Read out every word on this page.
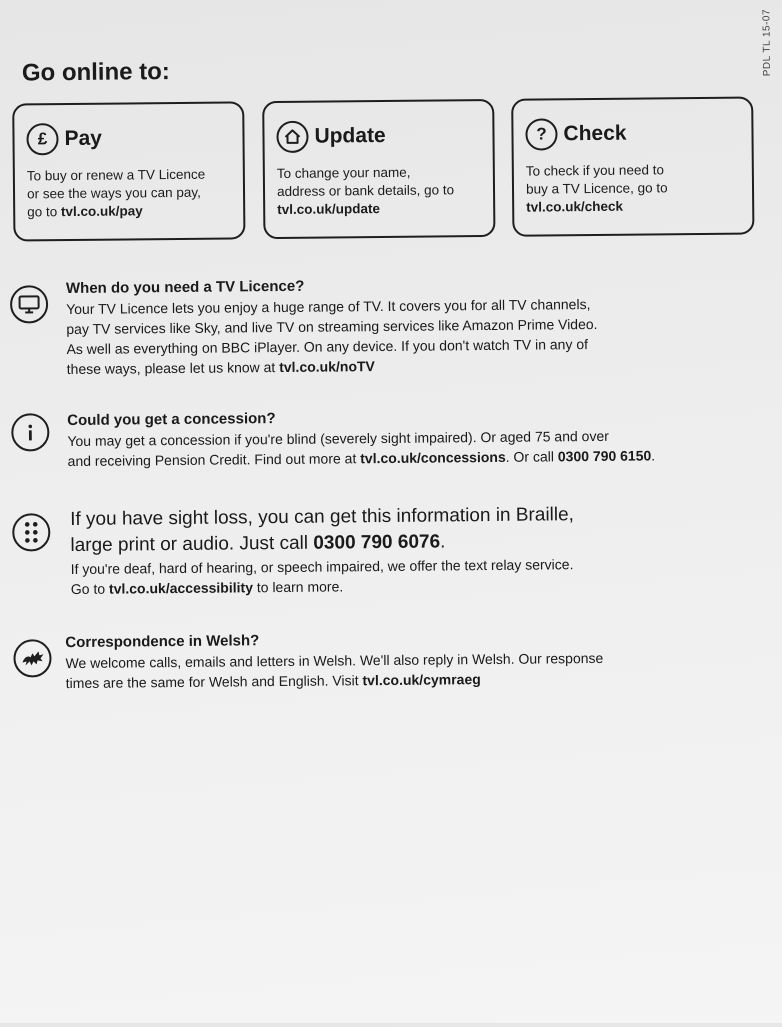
PDL TL 15-07
Go online to:
£ Pay
To buy or renew a TV Licence
or see the ways you can pay,
go to tvl.co.uk/pay
Update
To change your name,
address or bank details, go to
tvl.co.uk/update
? Check
To check if you need to
buy a TV Licence, go to
tvl.co.uk/check

When do you need a TV Licence?

Your TV Licence lets you enjoy a huge range of TV. It covers you for all TV channels,

pay TV services like Sky, and live TV on streaming services like Amazon Prime Video.

As well as everything on BBC iPlayer. On any device. If you don't watch TV in any of

these ways, please let us know at tvl.co.uk/noTV

Could you get a concession?

You may get a concession if you're blind (severely sight impaired). Or aged 75 and over

and receiving Pension Credit. Find out more at tvl.co.uk/concessions. Or call 0300 790 6150.

If you have sight loss, you can get this information in Braille,

large print or audio. Just call 0300 790 6076.

If you're deaf, hard of hearing, or speech impaired, we offer the text relay service.

Go to tvl.co.uk/accessibility to learn more.

Correspondence in Welsh?

We welcome calls, emails and letters in Welsh. We'll also reply in Welsh. Our response

times are the same for Welsh and English. Visit tvl.co.uk/cymraeg
